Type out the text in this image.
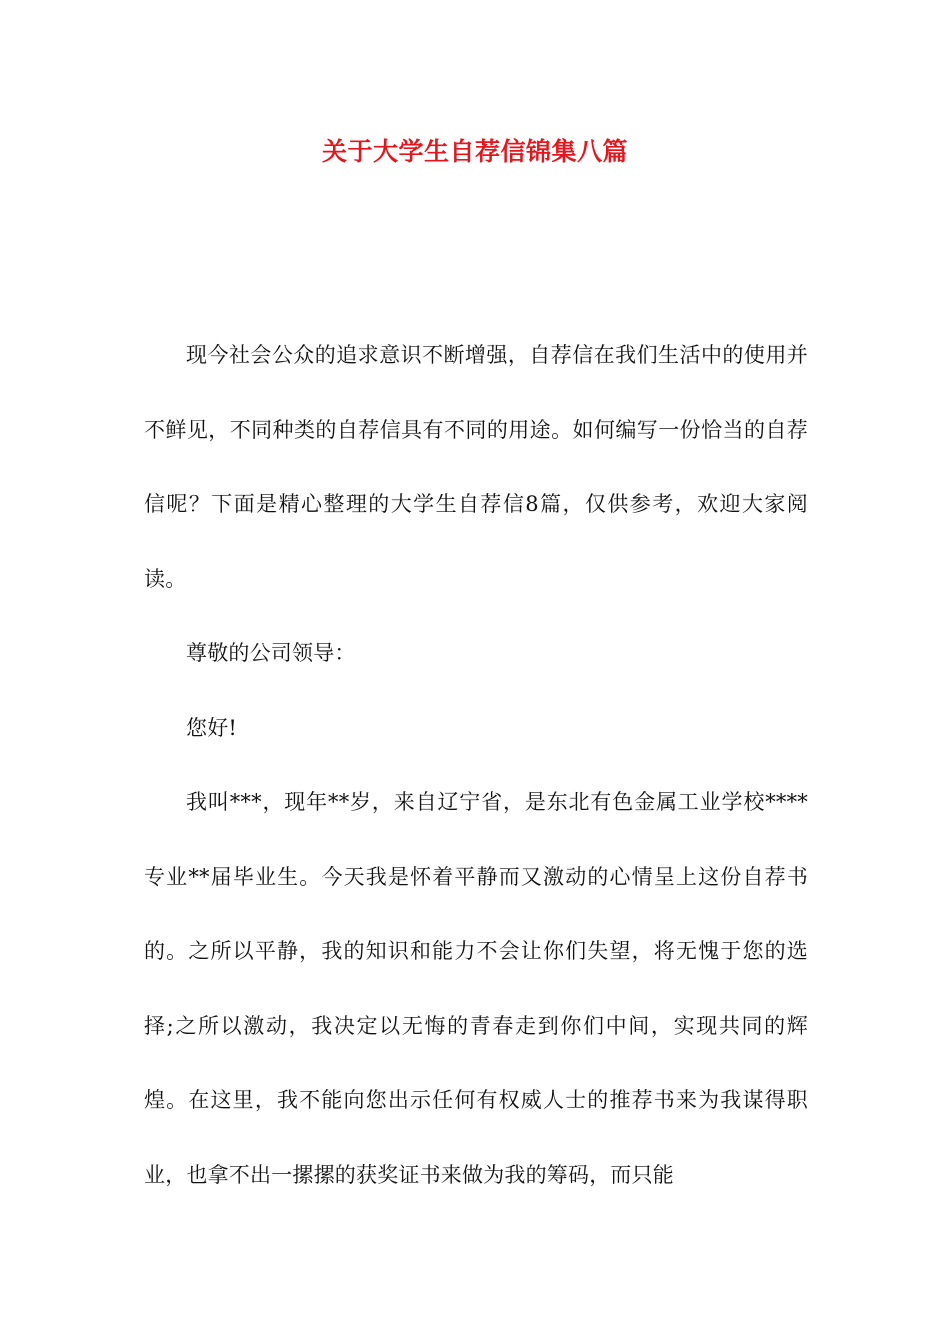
关于大学生自荐信锦集八篇

现今社会公众的追求意识不断增强，自荐信在我们生活中的使用并不鲜见，不同种类的自荐信具有不同的用途。如何编写一份恰当的自荐信呢？下面是精心整理的大学生自荐信8篇，仅供参考，欢迎大家阅读。

尊敬的公司领导：

您好!

我叫***，现年**岁，来自辽宁省，是东北有色金属工业学校****专业**届毕业生。今天我是怀着平静而又激动的心情呈上这份自荐书的。之所以平静，我的知识和能力不会让你们失望，将无愧于您的选择;之所以激动，我决定以无悔的青春走到你们中间，实现共同的辉煌。在这里，我不能向您出示任何有权威人士的推荐书来为我谋得职业，也拿不出一摞摞的获奖证书来做为我的筹码，而只能
